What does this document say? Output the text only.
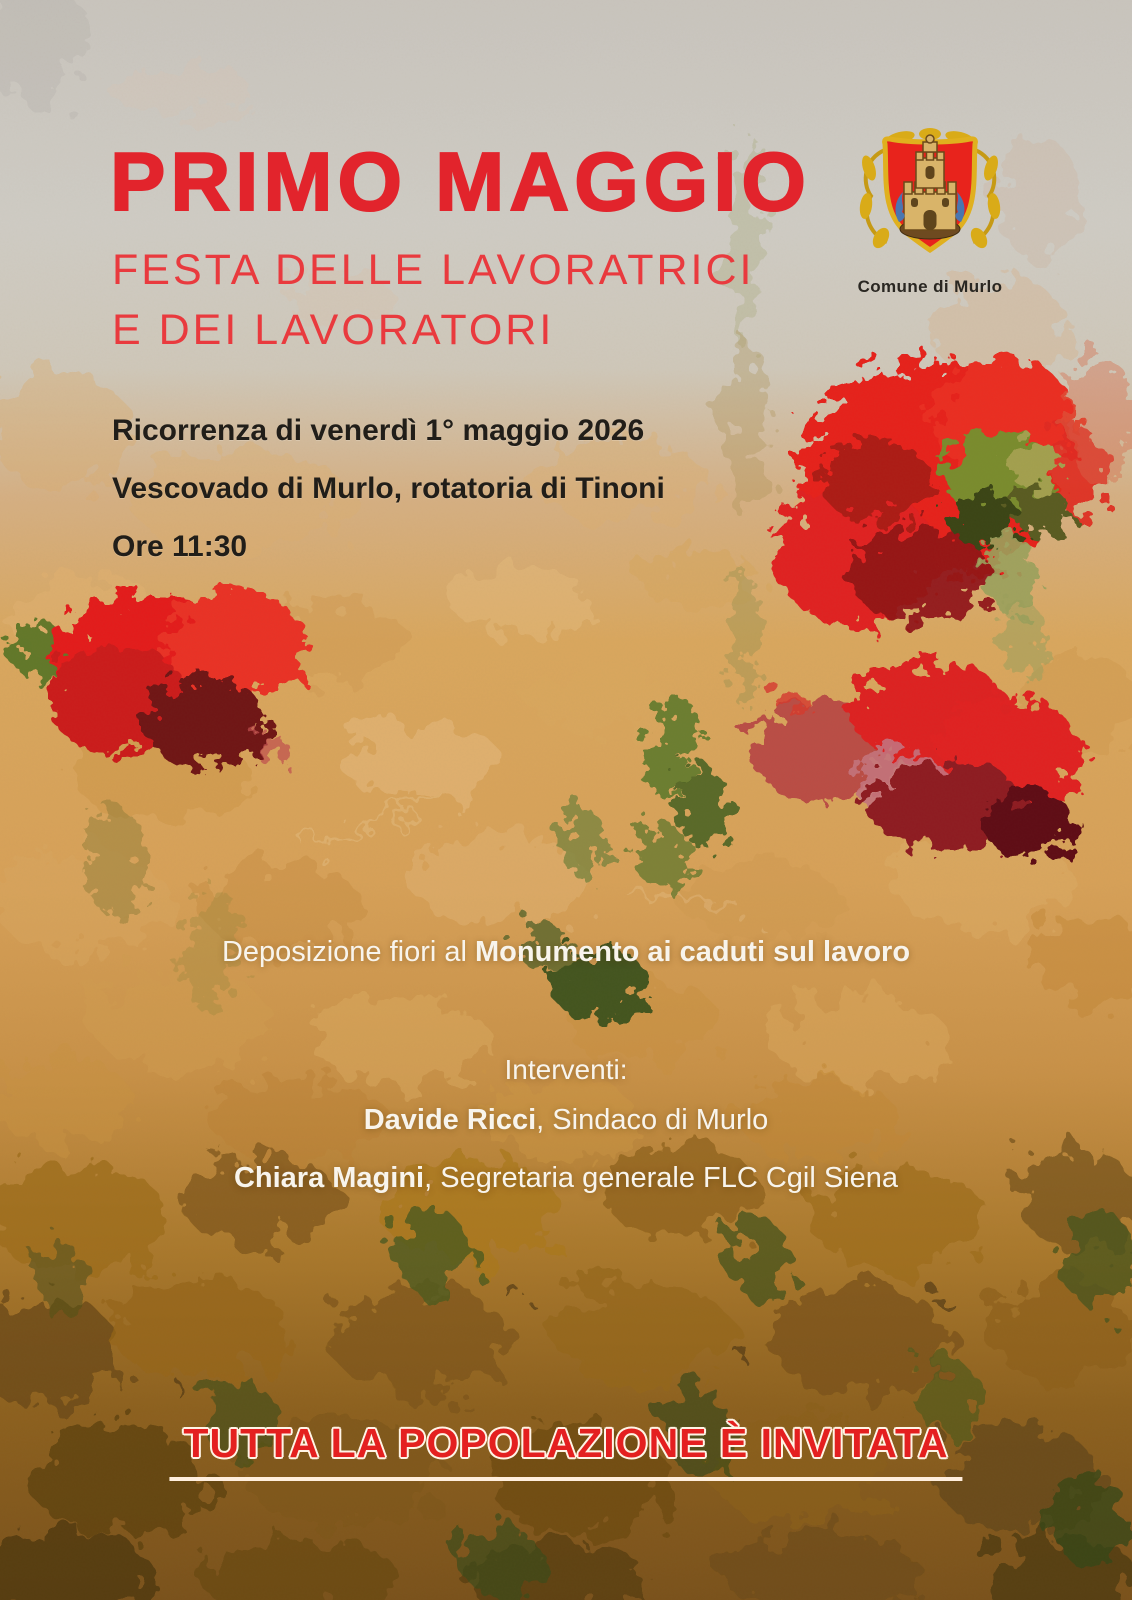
PRIMO MAGGIO
FESTA DELLE LAVORATRICI
E DEI LAVORATORI
Comune di Murlo
Ricorrenza di venerdì 1° maggio 2026
Vescovado di Murlo, rotatoria di Tinoni
Ore 11:30
Deposizione fiori al Monumento ai caduti sul lavoro
Interventi:
Davide Ricci, Sindaco di Murlo
Chiara Magini, Segretaria generale FLC Cgil Siena
TUTTA LA POPOLAZIONE È INVITATA
